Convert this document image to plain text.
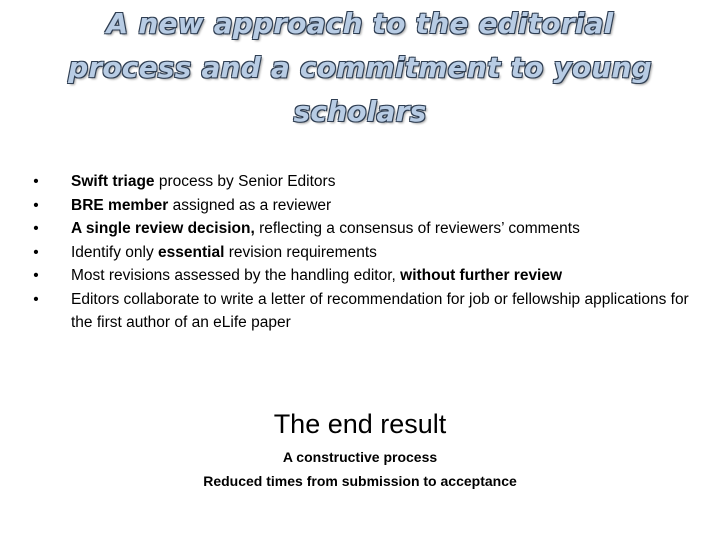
A new approach to the editorial process and a commitment to young scholars
• Swift triage process by Senior Editors
• BRE member assigned as a reviewer
• A single review decision, reflecting a consensus of reviewers’ comments
• Identify only essential revision requirements
• Most revisions assessed by the handling editor, without further review
• Editors collaborate to write a letter of recommendation for job or fellowship applications for the first author of an eLife paper
The end result
A constructive process
Reduced times from submission to acceptance
